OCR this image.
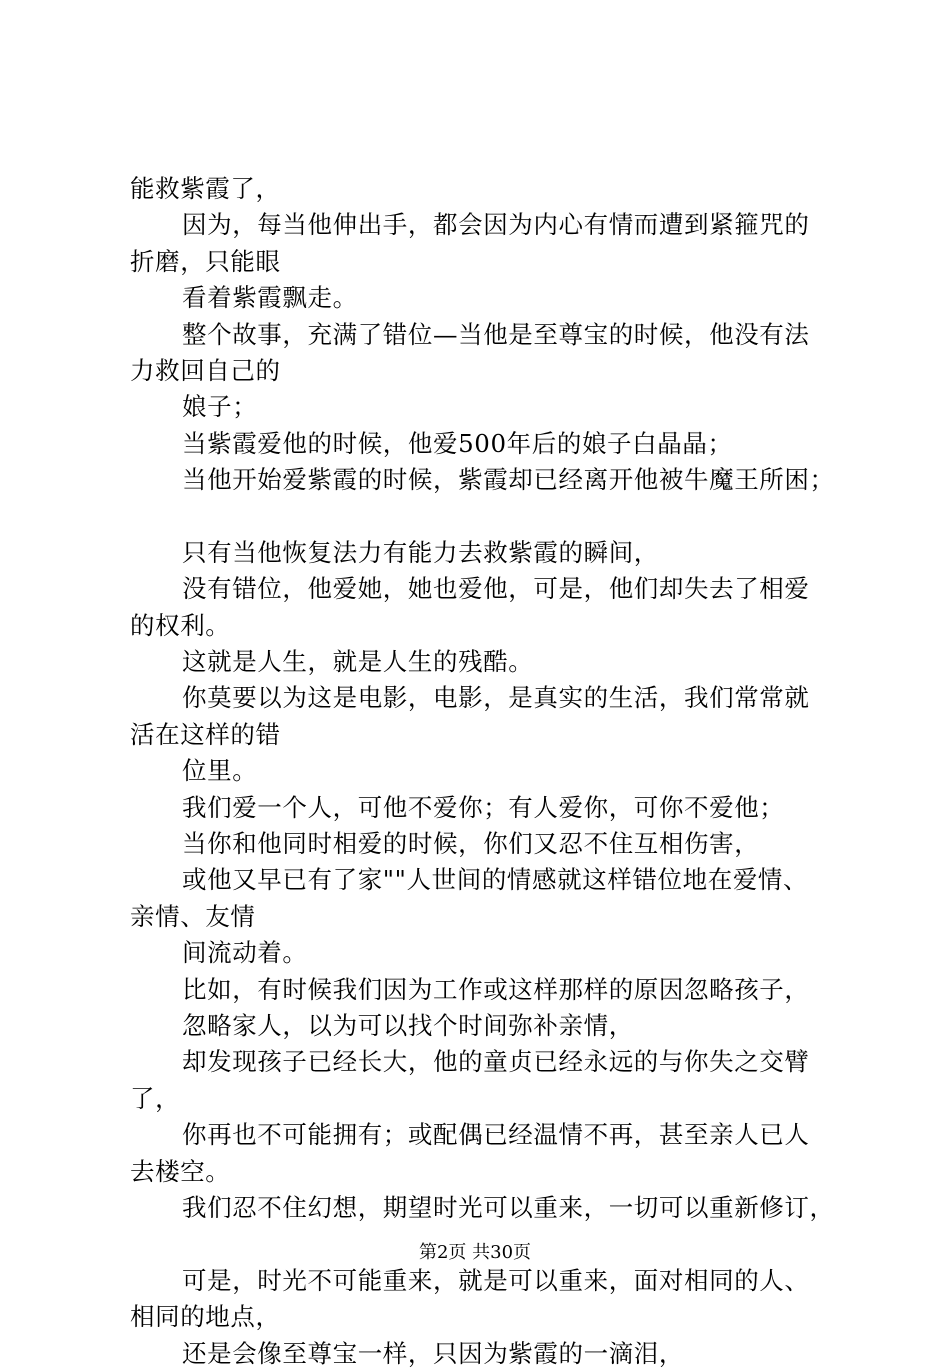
能救紫霞了，
因为，每当他伸出手，都会因为内心有情而遭到紧箍咒的
折磨，只能眼
看着紫霞飘走。
整个故事，充满了错位—当他是至尊宝的时候，他没有法
力救回自己的
娘子；
当紫霞爱他的时候，他爱500年后的娘子白晶晶；
当他开始爱紫霞的时候，紫霞却已经离开他被牛魔王所困；
只有当他恢复法力有能力去救紫霞的瞬间，
没有错位，他爱她，她也爱他，可是，他们却失去了相爱
的权利。
这就是人生，就是人生的残酷。
你莫要以为这是电影，电影，是真实的生活，我们常常就
活在这样的错
位里。
我们爱一个人，可他不爱你；有人爱你，可你不爱他；
当你和他同时相爱的时候，你们又忍不住互相伤害，
或他又早已有了家""人世间的情感就这样错位地在爱情、
亲情、友情
间流动着。
比如，有时候我们因为工作或这样那样的原因忽略孩子，
忽略家人，以为可以找个时间弥补亲情，
却发现孩子已经长大，他的童贞已经永远的与你失之交臂
了，
你再也不可能拥有；或配偶已经温情不再，甚至亲人已人
去楼空。
我们忍不住幻想，期望时光可以重来，一切可以重新修订，
可是，时光不可能重来，就是可以重来，面对相同的人、
相同的地点，
还是会像至尊宝一样，只因为紫霞的一滴泪，
第2页 共30页
